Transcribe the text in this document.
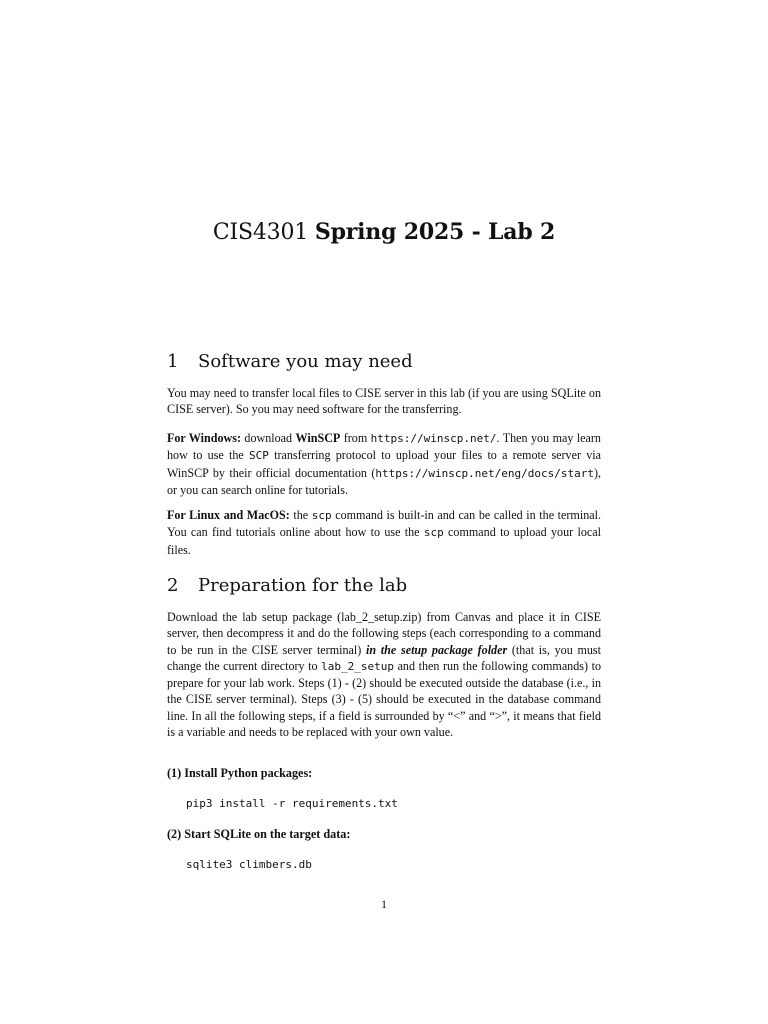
CIS4301 Spring 2025 - Lab 2
1 Software you may need
You may need to transfer local files to CISE server in this lab (if you are using SQLite on CISE server). So you may need software for the transferring.
For Windows: download WinSCP from https://winscp.net/. Then you may learn how to use the SCP transferring protocol to upload your files to a remote server via WinSCP by their official documentation (https://winscp.net/eng/docs/start), or you can search online for tutorials.
For Linux and MacOS: the scp command is built-in and can be called in the terminal. You can find tutorials online about how to use the scp command to upload your local files.
2 Preparation for the lab
Download the lab setup package (lab_2_setup.zip) from Canvas and place it in CISE server, then decompress it and do the following steps (each corresponding to a command to be run in the CISE server terminal) in the setup package folder (that is, you must change the current directory to lab_2_setup and then run the following commands) to prepare for your lab work. Steps (1) - (2) should be executed outside the database (i.e., in the CISE server terminal). Steps (3) - (5) should be executed in the database command line. In all the following steps, if a field is surrounded by “<” and “>”, it means that field is a variable and needs to be replaced with your own value.
(1) Install Python packages:
pip3 install -r requirements.txt
(2) Start SQLite on the target data:
sqlite3 climbers.db
1
